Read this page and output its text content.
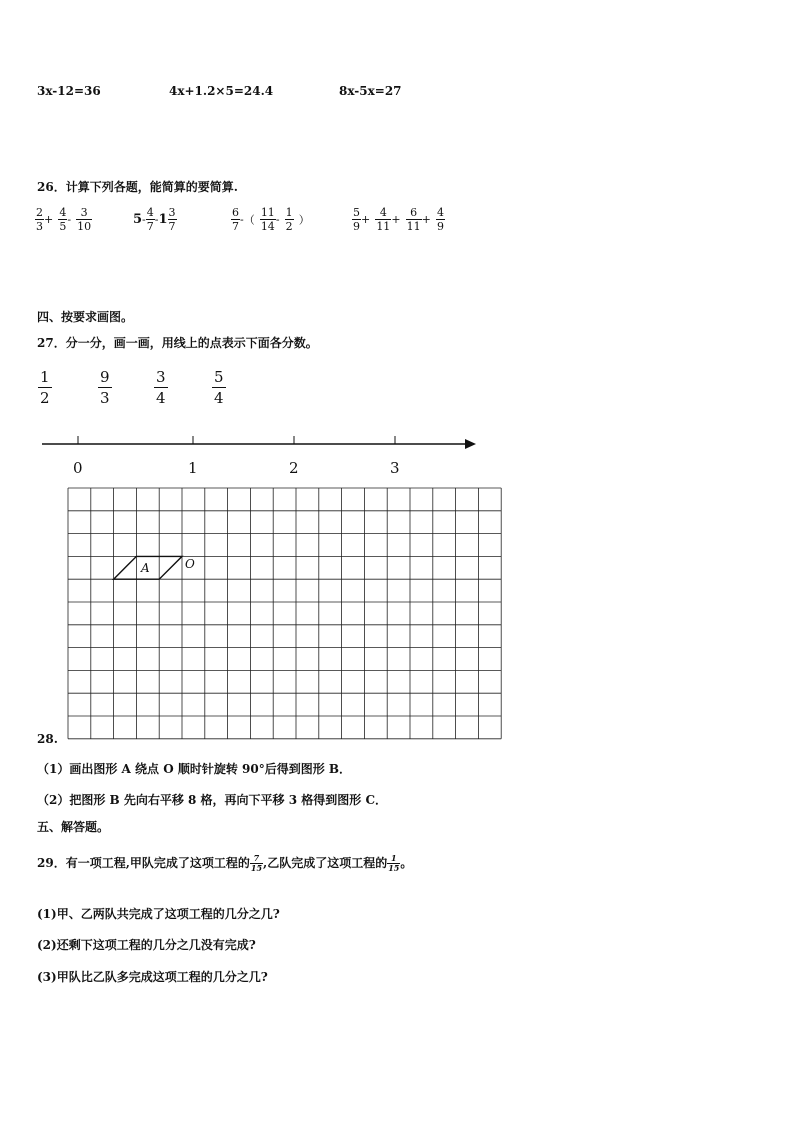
3x-12=36	4x+1.2×5=24.4	8x-5x=27
26．计算下列各题，能简算的要简算.
$\frac{2}{3} + \frac{4}{5} - \frac{3}{10}$	$5- \frac{4}{7} -1 \frac{3}{7}$	$\frac{6}{7}$ -（ $\frac{11}{14} - \frac{1}{2}$ ）	$\frac{5}{9} + \frac{4}{11} + \frac{6}{11} + \frac{4}{9}$
四、按要求画图。
27．分一分，画一画，用线上的点表示下面各分数。
$\frac{1}{2}$	$\frac{9}{3}$	$\frac{3}{4}$	$\frac{5}{4}$
0	1	2	3
A	O
28.
（1）画出图形 A 绕点 O 顺时针旋转 90°后得到图形 B．
（2）把图形 B 先向右平移 8 格，再向下平移 3 格得到图形 C．
五、解答题。
29．有一项工程,甲队完成了这项工程的 $\frac{7}{15}$ ,乙队完成了这项工程的 $\frac{1}{15}$ 。
(1)甲、乙两队共完成了这项工程的几分之几?
(2)还剩下这项工程的几分之几没有完成?
(3)甲队比乙队多完成这项工程的几分之几?
